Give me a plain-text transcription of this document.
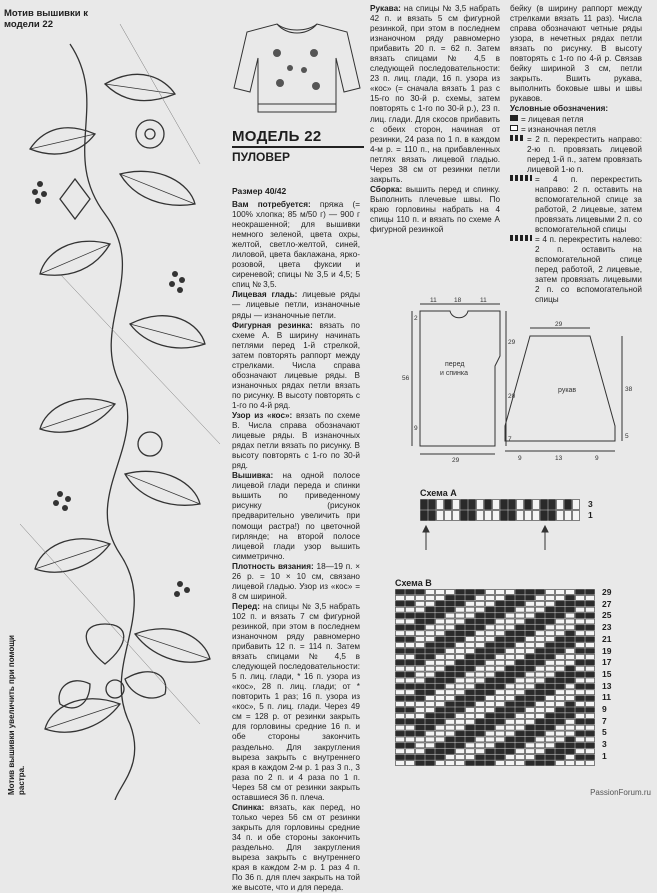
Мотив вышивки к модели 22
Мотив вышивки увеличить при помощи растра.
МОДЕЛЬ 22
ПУЛОВЕР
Размер 40/42

Вам потребуется: пряжа (= 100% хлопка; 85 м/50 г) — 900 г неокрашенной; для вышивки немного зеленой, цвета охры, желтой, светло-желтой, синей, лиловой, цвета баклажана, ярко-розовой, цвета фуксии и сиреневой; спицы № 3,5 и 4,5; 5 спиц № 3,5.

Лицевая гладь: лицевые ряды — лицевые петли, изнаночные ряды — изнаночные петли.

Фигурная резинка: вязать по схеме A. В ширину начинать петлями перед 1-й стрелкой, затем повторять раппорт между стрелками. Числа справа обозначают лицевые ряды. В изнаночных рядах петли вязать по рисунку. В высоту повторять с 1-го по 4-й ряд.

Узор из «кос»: вязать по схеме B. Числа справа обозначают лицевые ряды. В изнаночных рядах петли вязать по рисунку. В высоту повторять с 1-го по 30-й ряд.

Вышивка: на одной полосе лицевой глади переда и спинки вышить по приведенному рисунку (рисунок предварительно увеличить при помощи растра!) по цветочной гирлянде; на второй полосе лицевой глади узор вышить симметрично.

Плотность вязания: 18—19 п. × 26 р. = 10 × 10 см, связано лицевой гладью. Узор из «кос» = 8 см шириной.

Перед: на спицы № 3,5 набрать 102 п. и вязать 7 см фигурной резинкой, при этом в последнем изнаночном ряду равномерно прибавить 12 п. = 114 п. Затем вязать спицами № 4,5 в следующей последовательности: 5 п. лиц. глади, * 16 п. узора из «кос», 28 п. лиц. глади; от * повторить 1 раз; 16 п. узора из «кос», 5 п. лиц. глади. Через 49 см = 128 р. от резинки закрыть для горловины средние 16 п. и обе стороны закончить раздельно. Для закругления выреза закрыть с внутреннего края в каждом 2-м р. 1 раз 3 п., 3 раза по 2 п. и 4 раза по 1 п. Через 58 см от резинки закрыть оставшиеся 36 п. плеча.

Спинка: вязать, как перед, но только через 56 см от резинки закрыть для горловины средние 34 п. и обе стороны закончить раздельно. Для закругления выреза закрыть с внутреннего края в каждом 2-м р. 1 раз 4 п. По 36 п. для плеч закрыть на той же высоте, что и для переда.

Рукава: на спицы № 3,5 набрать 42 п. и вязать 5 см фигурной резинкой, при этом в последнем изнаночном ряду равномерно прибавить 20 п. = 62 п. Затем вязать спицами № 4,5 в следующей последовательности: 23 п. лиц. глади, 16 п. узора из «кос» (= сначала вязать 1 раз с 15-го по 30-й р. схемы, затем повторять с 1-го по 30-й р.), 23 п. лиц. глади. Для скосов прибавить с обеих сторон, начиная от резинки, 24 раза по 1 п. в каждом 4-м р. = 110 п., на прибавленных петлях вязать лицевой гладью. Через 38 см от резинки петли закрыть.

Сборка: вышить перед и спинку. Выполнить плечевые швы. По краю горловины набрать на 4 спицы 110 п. и вязать по схеме A фигурной резинкой

бейку (в ширину раппорт между стрелками вязать 11 раз). Числа справа обозначают четные ряды узора, в нечетных рядах петли вязать по рисунку. В высоту повторять с 1-го по 4-й р. Связав бейку шириной 3 см, петли закрыть. Вшить рукава, выполнить боковые швы и швы рукавов.

Условные обозначения:

= лицевая петля
= изнаночная петля
= 2 п. перекрестить направо: 2-ю п. провязать лицевой перед 1-й п., затем провязать лицевой 1-ю п.
= 4 п. перекрестить направо: 2 п. оставить на вспомогательной спице за работой, 2 лицевые, затем провязать лицевыми 2 п. со вспомогательной спицы
= 4 п. перекрестить налево: 2 п. оставить на вспомогательной спице перед работой, 2 лицевые, затем провязать лицевыми 2 п. со вспомогательной спицы
перед
и спинка
рукав
11	18	11
56
29
20
7
29
2
9
29
38
5
9	13	9
Схема A
3
1
Схема B
29
27
25
23
21
19
17
15
13
11
9
7
5
3
1
PassionForum.ru
